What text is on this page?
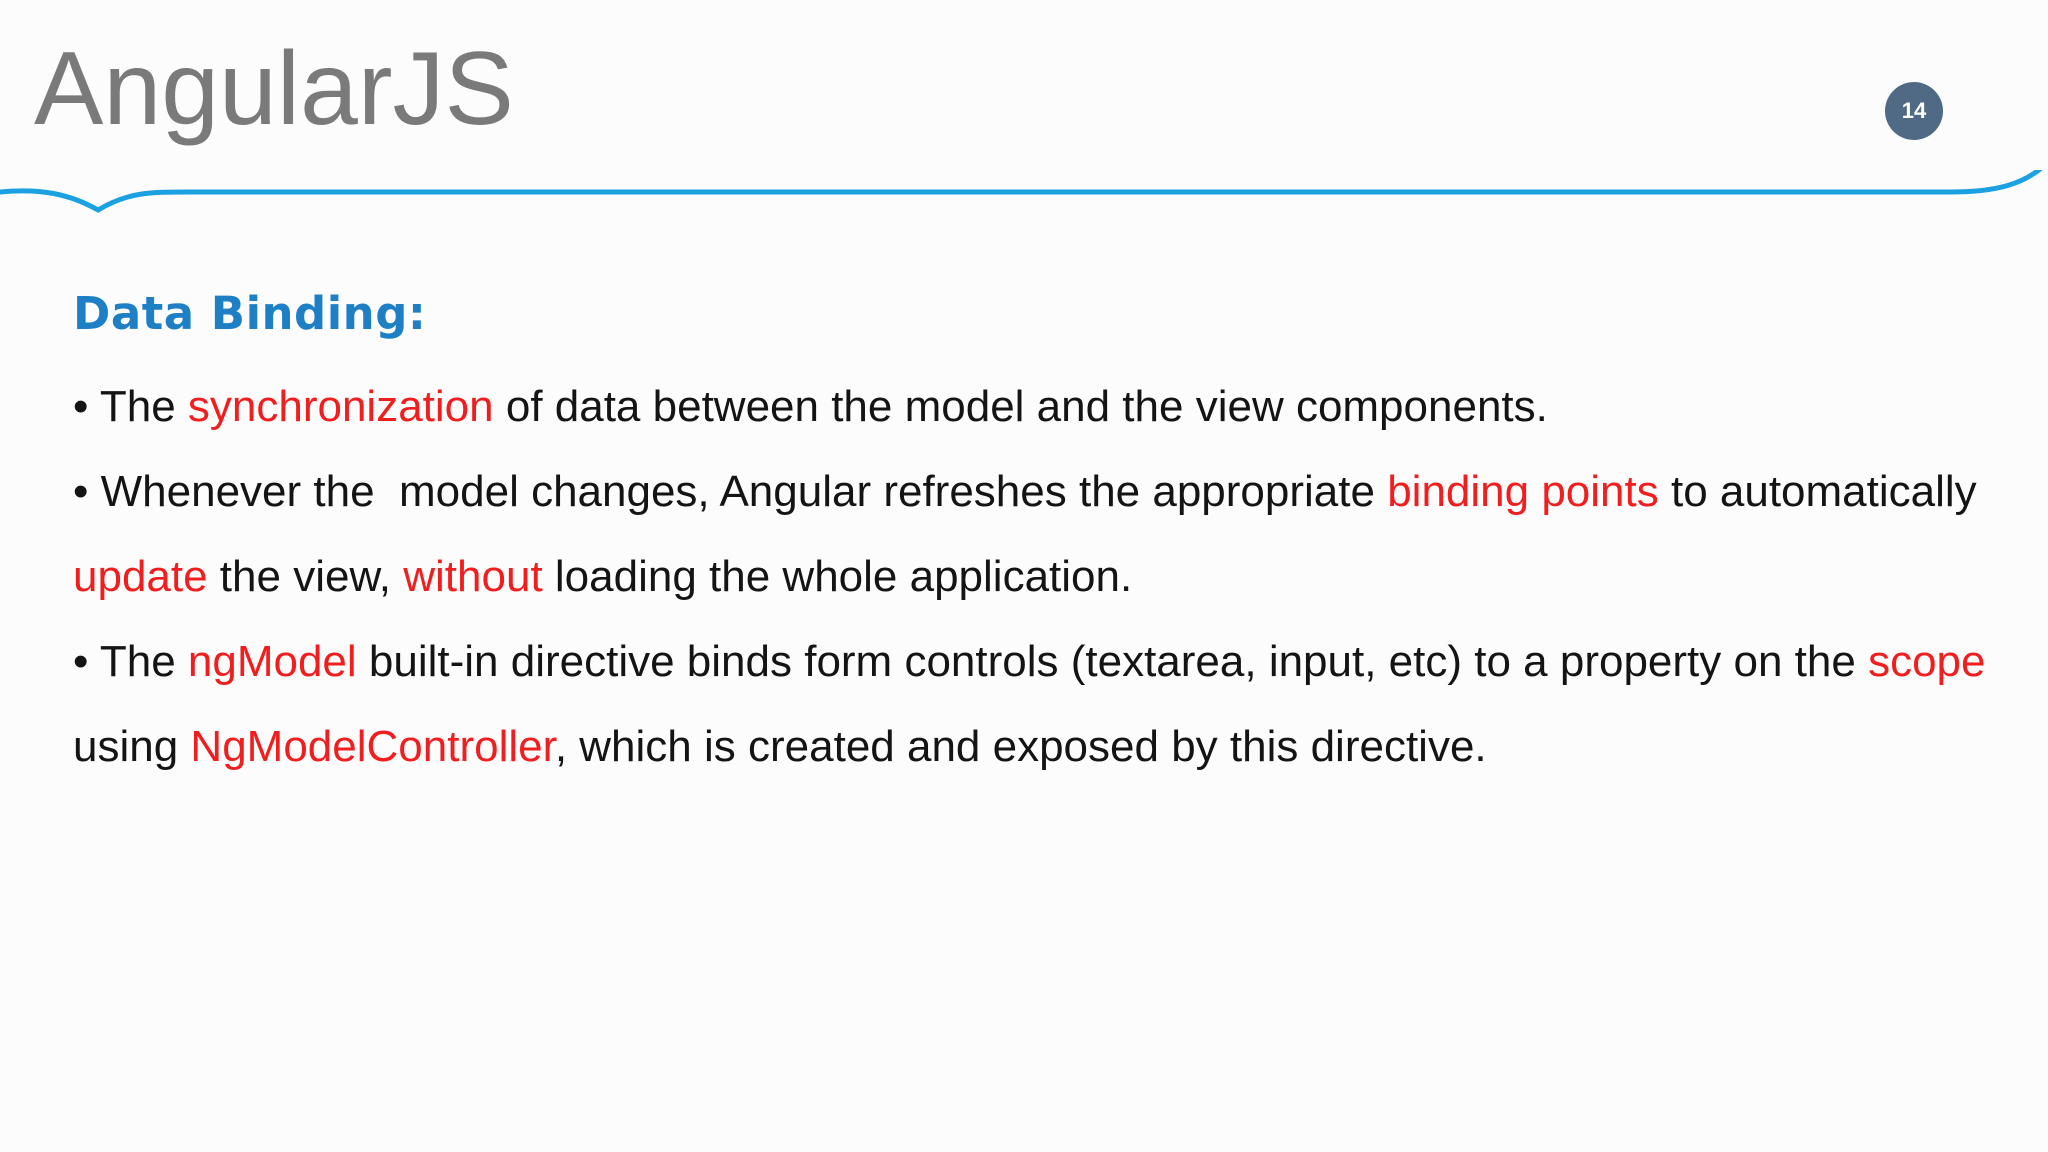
AngularJS	14
Data Binding:

• The synchronization of data between the model and the view components.

• Whenever the  model changes, Angular refreshes the appropriate binding points to automatically update the view, without loading the whole application.

• The ngModel built-in directive binds form controls (textarea, input, etc) to a property on the scope using NgModelController, which is created and exposed by this directive.
